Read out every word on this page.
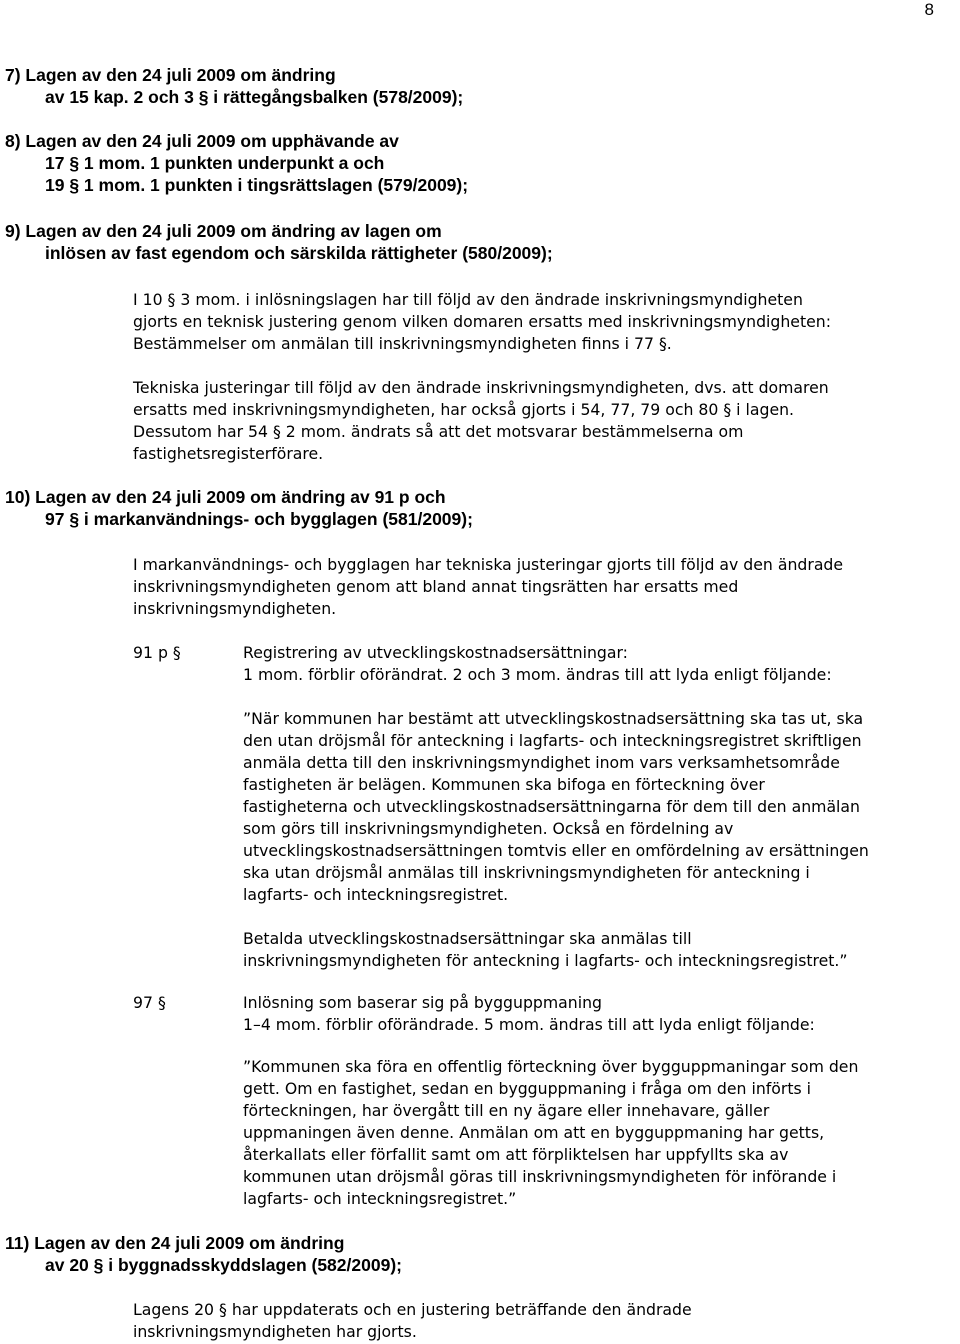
8
7) Lagen av den 24 juli 2009 om ändring
av 15 kap. 2 och 3 § i rättegångsbalken (578/2009);
8) Lagen av den 24 juli 2009 om upphävande av
17 § 1 mom. 1 punkten underpunkt a och
19 § 1 mom. 1 punkten i tingsrättslagen (579/2009);
9) Lagen av den 24 juli 2009 om ändring av lagen om
inlösen av fast egendom och särskilda rättigheter (580/2009);
I 10 § 3 mom. i inlösningslagen har till följd av den ändrade inskrivningsmyndigheten
gjorts en teknisk justering genom vilken domaren ersatts med inskrivningsmyndigheten:
Bestämmelser om anmälan till inskrivningsmyndigheten finns i 77 §.
Tekniska justeringar till följd av den ändrade inskrivningsmyndigheten, dvs. att domaren
ersatts med inskrivningsmyndigheten, har också gjorts i 54, 77, 79 och 80 § i lagen.
Dessutom har 54 § 2 mom. ändrats så att det motsvarar bestämmelserna om
fastighetsregisterförare.
10) Lagen av den 24 juli 2009 om ändring av 91 p och
97 § i markanvändnings- och bygglagen (581/2009);
I markanvändnings- och bygglagen har tekniska justeringar gjorts till följd av den ändrade
inskrivningsmyndigheten genom att bland annat tingsrätten har ersatts med
inskrivningsmyndigheten.
91 p §	Registrering av utvecklingskostnadsersättningar:
1 mom. förblir oförändrat. 2 och 3 mom. ändras till att lyda enligt följande:
”När kommunen har bestämt att utvecklingskostnadsersättning ska tas ut, ska
den utan dröjsmål för anteckning i lagfarts- och inteckningsregistret skriftligen
anmäla detta till den inskrivningsmyndighet inom vars verksamhetsområde
fastigheten är belägen. Kommunen ska bifoga en förteckning över
fastigheterna och utvecklingskostnadsersättningarna för dem till den anmälan
som görs till inskrivningsmyndigheten. Också en fördelning av
utvecklingskostnadsersättningen tomtvis eller en omfördelning av ersättningen
ska utan dröjsmål anmälas till inskrivningsmyndigheten för anteckning i
lagfarts- och inteckningsregistret.
Betalda utvecklingskostnadsersättningar ska anmälas till
inskrivningsmyndigheten för anteckning i lagfarts- och inteckningsregistret.”
97 §	Inlösning som baserar sig på bygguppmaning
1–4 mom. förblir oförändrade. 5 mom. ändras till att lyda enligt följande:
”Kommunen ska föra en offentlig förteckning över bygguppmaningar som den
gett. Om en fastighet, sedan en bygguppmaning i fråga om den införts i
förteckningen, har övergått till en ny ägare eller innehavare, gäller
uppmaningen även denne. Anmälan om att en bygguppmaning har getts,
återkallats eller förfallit samt om att förpliktelsen har uppfyllts ska av
kommunen utan dröjsmål göras till inskrivningsmyndigheten för införande i
lagfarts- och inteckningsregistret.”
11) Lagen av den 24 juli 2009 om ändring
av 20 § i byggnadsskyddslagen (582/2009);
Lagens 20 § har uppdaterats och en justering beträffande den ändrade
inskrivningsmyndigheten har gjorts.
